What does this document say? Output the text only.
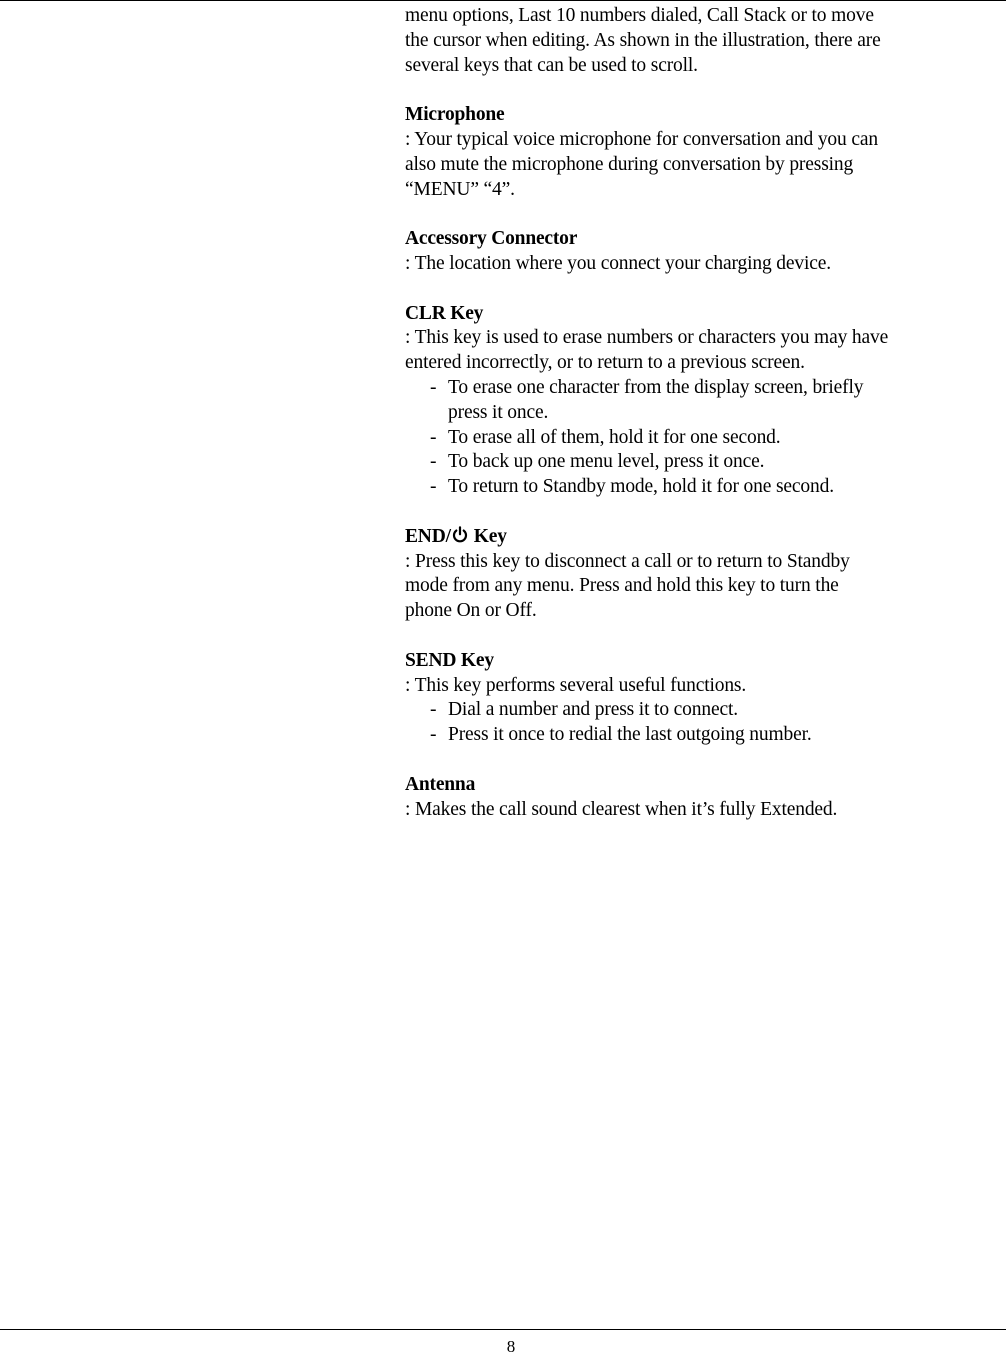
menu options, Last 10 numbers dialed, Call Stack or to move

the cursor when editing. As shown in the illustration, there are

several keys that can be used to scroll.

Microphone

: Your typical voice microphone for conversation and you can

also mute the microphone during conversation by pressing

“MENU” “4”.

Accessory Connector

: The location where you connect your charging device.

CLR Key

: This key is used to erase numbers or characters you may have

entered incorrectly, or to return to a previous screen.

- To erase one character from the display screen, briefly
press it once.
- To erase all of them, hold it for one second.
- To back up one menu level, press it once.
- To return to Standby mode, hold it for one second.

END/ Key

: Press this key to disconnect a call or to return to Standby

mode from any menu. Press and hold this key to turn the

phone On or Off.

SEND Key

: This key performs several useful functions.

- Dial a number and press it to connect.
- Press it once to redial the last outgoing number.

Antenna

: Makes the call sound clearest when it’s fully Extended.

8
